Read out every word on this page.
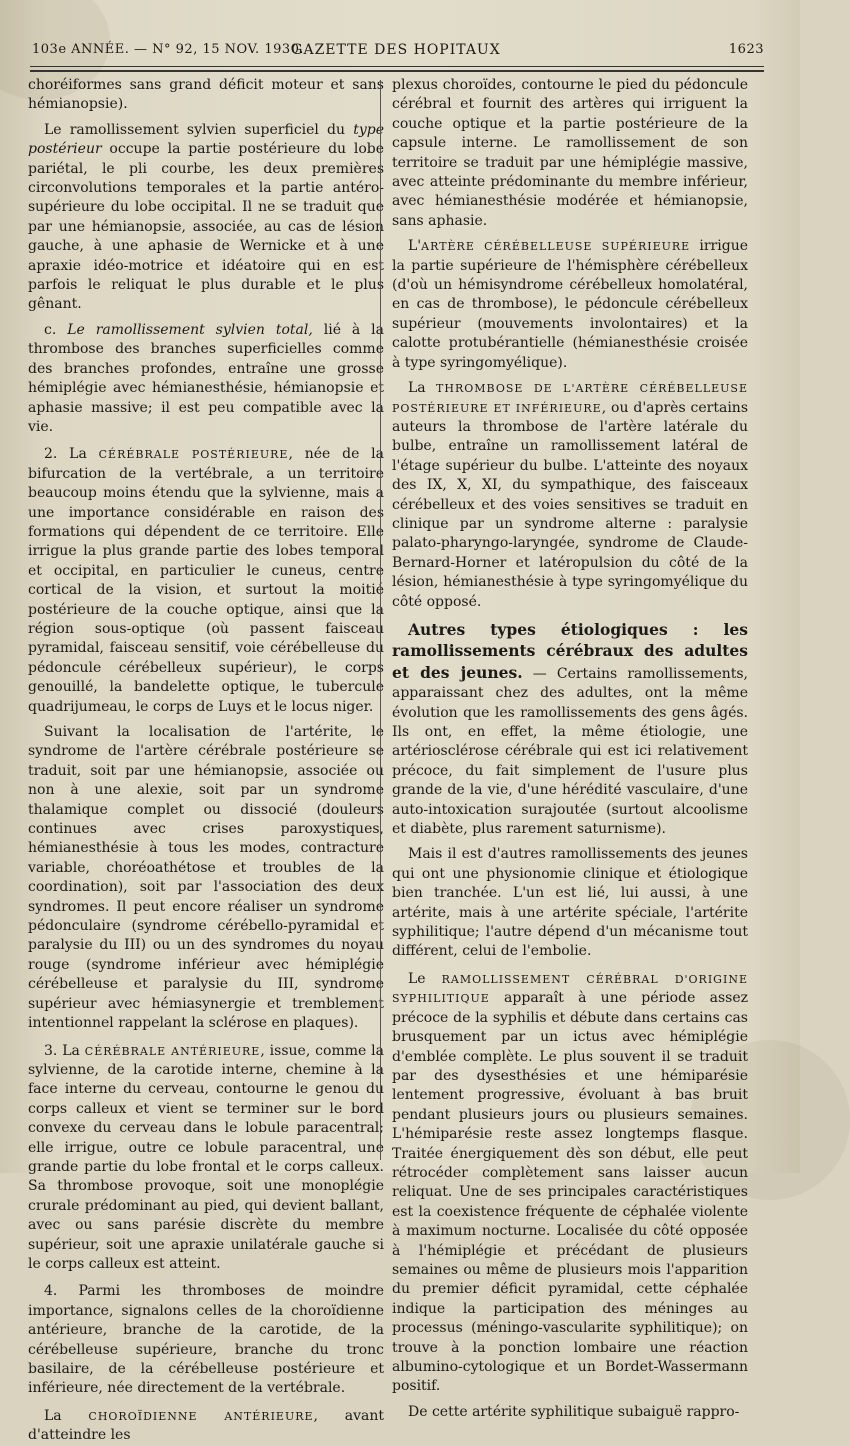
103e ANNÉE. — N° 92, 15 NOV. 1930.
GAZETTE DES HOPITAUX	1623

choréiformes sans grand déficit moteur et sans hémianopsie).

Le ramollissement sylvien superficiel du type postérieur occupe la partie postérieure du lobe pariétal, le pli courbe, les deux premières circonvolutions temporales et la partie antéro-supérieure du lobe occipital. Il ne se traduit que par une hémianopsie, associée, au cas de lésion gauche, à une aphasie de Wernicke et à une apraxie idéo-motrice et idéatoire qui en est parfois le reliquat le plus durable et le plus gênant.

c. Le ramollissement sylvien total, lié à la thrombose des branches superficielles comme des branches profondes, entraîne une grosse hémiplégie avec hémianesthésie, hémianopsie et aphasie massive; il est peu compatible avec la vie.

2. La CÉRÉBRALE POSTÉRIEURE, née de la bifurcation de la vertébrale, a un territoire beaucoup moins étendu que la sylvienne, mais a une importance considérable en raison des formations qui dépendent de ce territoire. Elle irrigue la plus grande partie des lobes temporal et occipital, en particulier le cuneus, centre cortical de la vision, et surtout la moitié postérieure de la couche optique, ainsi que la région sous-optique (où passent faisceau pyramidal, faisceau sensitif, voie cérébelleuse du pédoncule cérébelleux supérieur), le corps genouillé, la bandelette optique, le tubercule quadrijumeau, le corps de Luys et le locus niger.

Suivant la localisation de l'artérite, le syndrome de l'artère cérébrale postérieure se traduit, soit par une hémianopsie, associée ou non à une alexie, soit par un syndrome thalamique complet ou dissocié (douleurs continues avec crises paroxystiques, hémianesthésie à tous les modes, contracture variable, choréoathétose et troubles de la coordination), soit par l'association des deux syndromes. Il peut encore réaliser un syndrome pédonculaire (syndrome cérébello-pyramidal et paralysie du III) ou un des syndromes du noyau rouge (syndrome inférieur avec hémiplégie cérébelleuse et paralysie du III, syndrome supérieur avec hémiasynergie et tremblement intentionnel rappelant la sclérose en plaques).

3. La CÉRÉBRALE ANTÉRIEURE, issue, comme la sylvienne, de la carotide interne, chemine à la face interne du cerveau, contourne le genou du corps calleux et vient se terminer sur le bord convexe du cerveau dans le lobule paracentral; elle irrigue, outre ce lobule paracentral, une grande partie du lobe frontal et le corps calleux. Sa thrombose provoque, soit une monoplégie crurale prédominant au pied, qui devient ballant, avec ou sans parésie discrète du membre supérieur, soit une apraxie unilatérale gauche si le corps calleux est atteint.

4. Parmi les thromboses de moindre importance, signalons celles de la choroïdienne antérieure, branche de la carotide, de la cérébelleuse supérieure, branche du tronc basilaire, de la cérébelleuse postérieure et inférieure, née directement de la vertébrale.

La CHOROÏDIENNE ANTÉRIEURE, avant d'atteindre les

plexus choroïdes, contourne le pied du pédoncule cérébral et fournit des artères qui irriguent la couche optique et la partie postérieure de la capsule interne. Le ramollissement de son territoire se traduit par une hémiplégie massive, avec atteinte prédominante du membre inférieur, avec hémianesthésie modérée et hémianopsie, sans aphasie.

L'ARTÈRE CÉRÉBELLEUSE SUPÉRIEURE irrigue la partie supérieure de l'hémisphère cérébelleux (d'où un hémisyndrome cérébelleux homolatéral, en cas de thrombose), le pédoncule cérébelleux supérieur (mouvements involontaires) et la calotte protubérantielle (hémianesthésie croisée à type syringomyélique).

La THROMBOSE DE L'ARTÈRE CÉRÉBELLEUSE POSTÉRIEURE ET INFÉRIEURE, ou d'après certains auteurs la thrombose de l'artère latérale du bulbe, entraîne un ramollissement latéral de l'étage supérieur du bulbe. L'atteinte des noyaux des IX, X, XI, du sympathique, des faisceaux cérébelleux et des voies sensitives se traduit en clinique par un syndrome alterne : paralysie palato-pharyngo-laryngée, syndrome de Claude-Bernard-Horner et latéropulsion du côté de la lésion, hémianesthésie à type syringomyélique du côté opposé.

Autres types étiologiques : les ramollissements cérébraux des adultes et des jeunes. — Certains ramollissements, apparaissant chez des adultes, ont la même évolution que les ramollissements des gens âgés. Ils ont, en effet, la même étiologie, une artériosclérose cérébrale qui est ici relativement précoce, du fait simplement de l'usure plus grande de la vie, d'une hérédité vasculaire, d'une auto-intoxication surajoutée (surtout alcoolisme et diabète, plus rarement saturnisme).

Mais il est d'autres ramollissements des jeunes qui ont une physionomie clinique et étiologique bien tranchée. L'un est lié, lui aussi, à une artérite, mais à une artérite spéciale, l'artérite syphilitique; l'autre dépend d'un mécanisme tout différent, celui de l'embolie.

Le RAMOLLISSEMENT CÉRÉBRAL D'ORIGINE SYPHILITIQUE apparaît à une période assez précoce de la syphilis et débute dans certains cas brusquement par un ictus avec hémiplégie d'emblée complète. Le plus souvent il se traduit par des dysesthésies et une hémiparésie lentement progressive, évoluant à bas bruit pendant plusieurs jours ou plusieurs semaines. L'hémiparésie reste assez longtemps flasque. Traitée énergiquement dès son début, elle peut rétrocéder complètement sans laisser aucun reliquat. Une de ses principales caractéristiques est la coexistence fréquente de céphalée violente à maximum nocturne. Localisée du côté opposée à l'hémiplégie et précédant de plusieurs semaines ou même de plusieurs mois l'apparition du premier déficit pyramidal, cette céphalée indique la participation des méninges au processus (méningo-vascularite syphilitique); on trouve à la ponction lombaire une réaction albumino-cytologique et un Bordet-Wassermann positif.

De cette artérite syphilitique subaiguë rappro-
